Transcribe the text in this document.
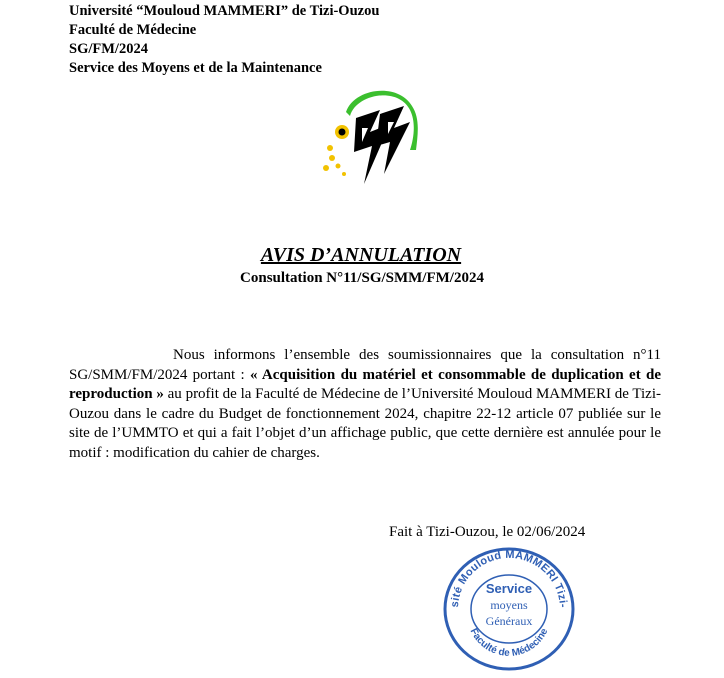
Université “Mouloud MAMMERI” de Tizi-Ouzou
Faculté de Médecine
SG/FM/2024
Service des Moyens et de la Maintenance
AVIS D’ANNULATION
Consultation N°11/SG/SMM/FM/2024

Nous informons l’ensemble des soumissionnaires que la consultation n°11 SG/SMM/FM/2024 portant : « Acquisition du matériel et consommable de duplication et de reproduction » au profit de la Faculté de Médecine de l’Université Mouloud MAMMERI de Tizi-Ouzou dans le cadre du Budget de fonctionnement 2024, chapitre 22-12 article 07 publiée sur le site de l’UMMTO et qui a fait l’objet d’un affichage public, que cette dernière est annulée pour le motif : modification du cahier de charges.

Fait à Tizi-Ouzou, le 02/06/2024
sité Mouloud MAMMERI Tizi-
Faculté de Médecine
Service
moyens
Généraux
